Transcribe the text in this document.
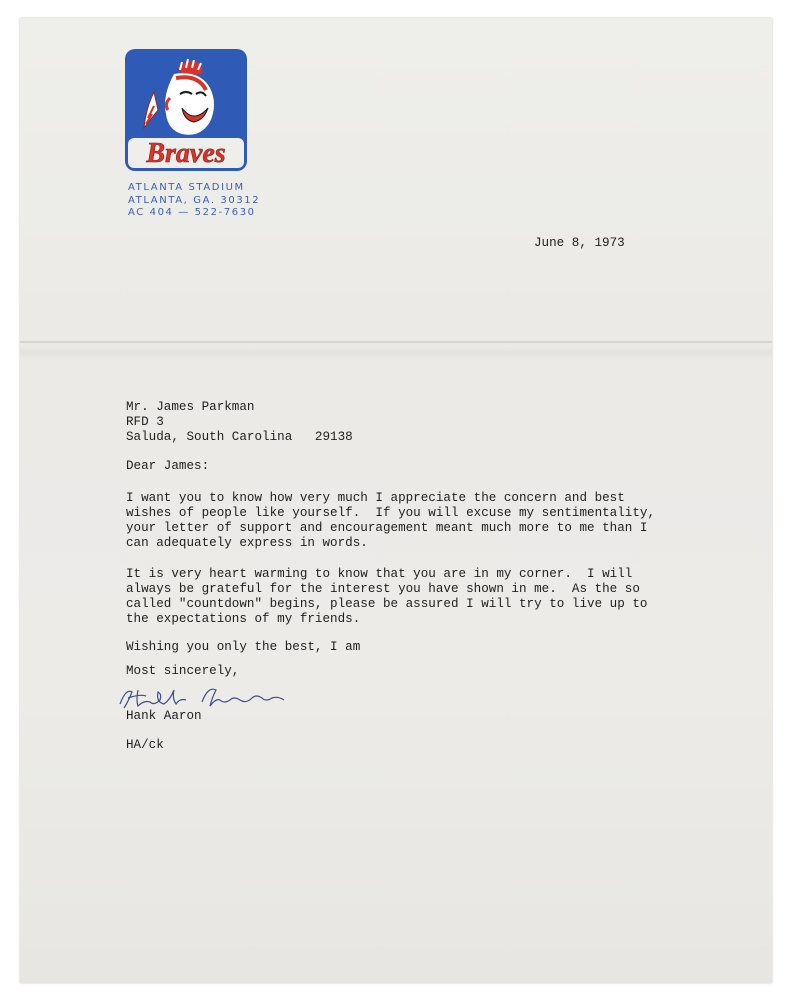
Braves
ATLANTA STADIUM
ATLANTA, GA. 30312
AC 404 — 522-7630
June 8, 1973
Mr. James Parkman
RFD 3
Saluda, South Carolina   29138
Dear James:
I want you to know how very much I appreciate the concern and best
wishes of people like yourself.  If you will excuse my sentimentality,
your letter of support and encouragement meant much more to me than I
can adequately express in words.
It is very heart warming to know that you are in my corner.  I will
always be grateful for the interest you have shown in me.  As the so
called "countdown" begins, please be assured I will try to live up to
the expectations of my friends.
Wishing you only the best, I am
Most sincerely,
Hank Aaron
HA/ck
